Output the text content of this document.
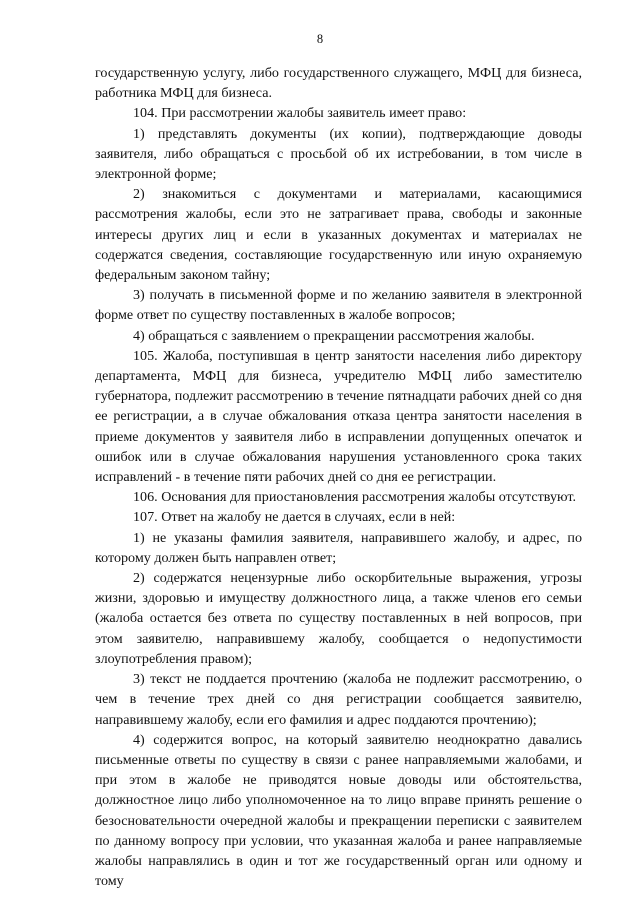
8

государственную услугу, либо государственного служащего, МФЦ для бизнеса, работника МФЦ для бизнеса.

104. При рассмотрении жалобы заявитель имеет право:

1) представлять документы (их копии), подтверждающие доводы заявителя, либо обращаться с просьбой об их истребовании, в том числе в электронной форме;

2) знакомиться с документами и материалами, касающимися рассмотрения жалобы, если это не затрагивает права, свободы и законные интересы других лиц и если в указанных документах и материалах не содержатся сведения, составляющие государственную или иную охраняемую федеральным законом тайну;

3) получать в письменной форме и по желанию заявителя в электронной форме ответ по существу поставленных в жалобе вопросов;

4) обращаться с заявлением о прекращении рассмотрения жалобы.

105. Жалоба, поступившая в центр занятости населения либо директору департамента, МФЦ для бизнеса, учредителю МФЦ либо заместителю губернатора, подлежит рассмотрению в течение пятнадцати рабочих дней со дня ее регистрации, а в случае обжалования отказа центра занятости населения в приеме документов у заявителя либо в исправлении допущенных опечаток и ошибок или в случае обжалования нарушения установленного срока таких исправлений - в течение пяти рабочих дней со дня ее регистрации.

106. Основания для приостановления рассмотрения жалобы отсутствуют.

107. Ответ на жалобу не дается в случаях, если в ней:

1) не указаны фамилия заявителя, направившего жалобу, и адрес, по которому должен быть направлен ответ;

2) содержатся нецензурные либо оскорбительные выражения, угрозы жизни, здоровью и имуществу должностного лица, а также членов его семьи (жалоба остается без ответа по существу поставленных в ней вопросов, при этом заявителю, направившему жалобу, сообщается о недопустимости злоупотребления правом);

3) текст не поддается прочтению (жалоба не подлежит рассмотрению, о чем в течение трех дней со дня регистрации сообщается заявителю, направившему жалобу, если его фамилия и адрес поддаются прочтению);

4) содержится вопрос, на который заявителю неоднократно давались письменные ответы по существу в связи с ранее направляемыми жалобами, и при этом в жалобе не приводятся новые доводы или обстоятельства, должностное лицо либо уполномоченное на то лицо вправе принять решение о безосновательности очередной жалобы и прекращении переписки с заявителем по данному вопросу при условии, что указанная жалоба и ранее направляемые жалобы направлялись в один и тот же государственный орган или одному и тому
